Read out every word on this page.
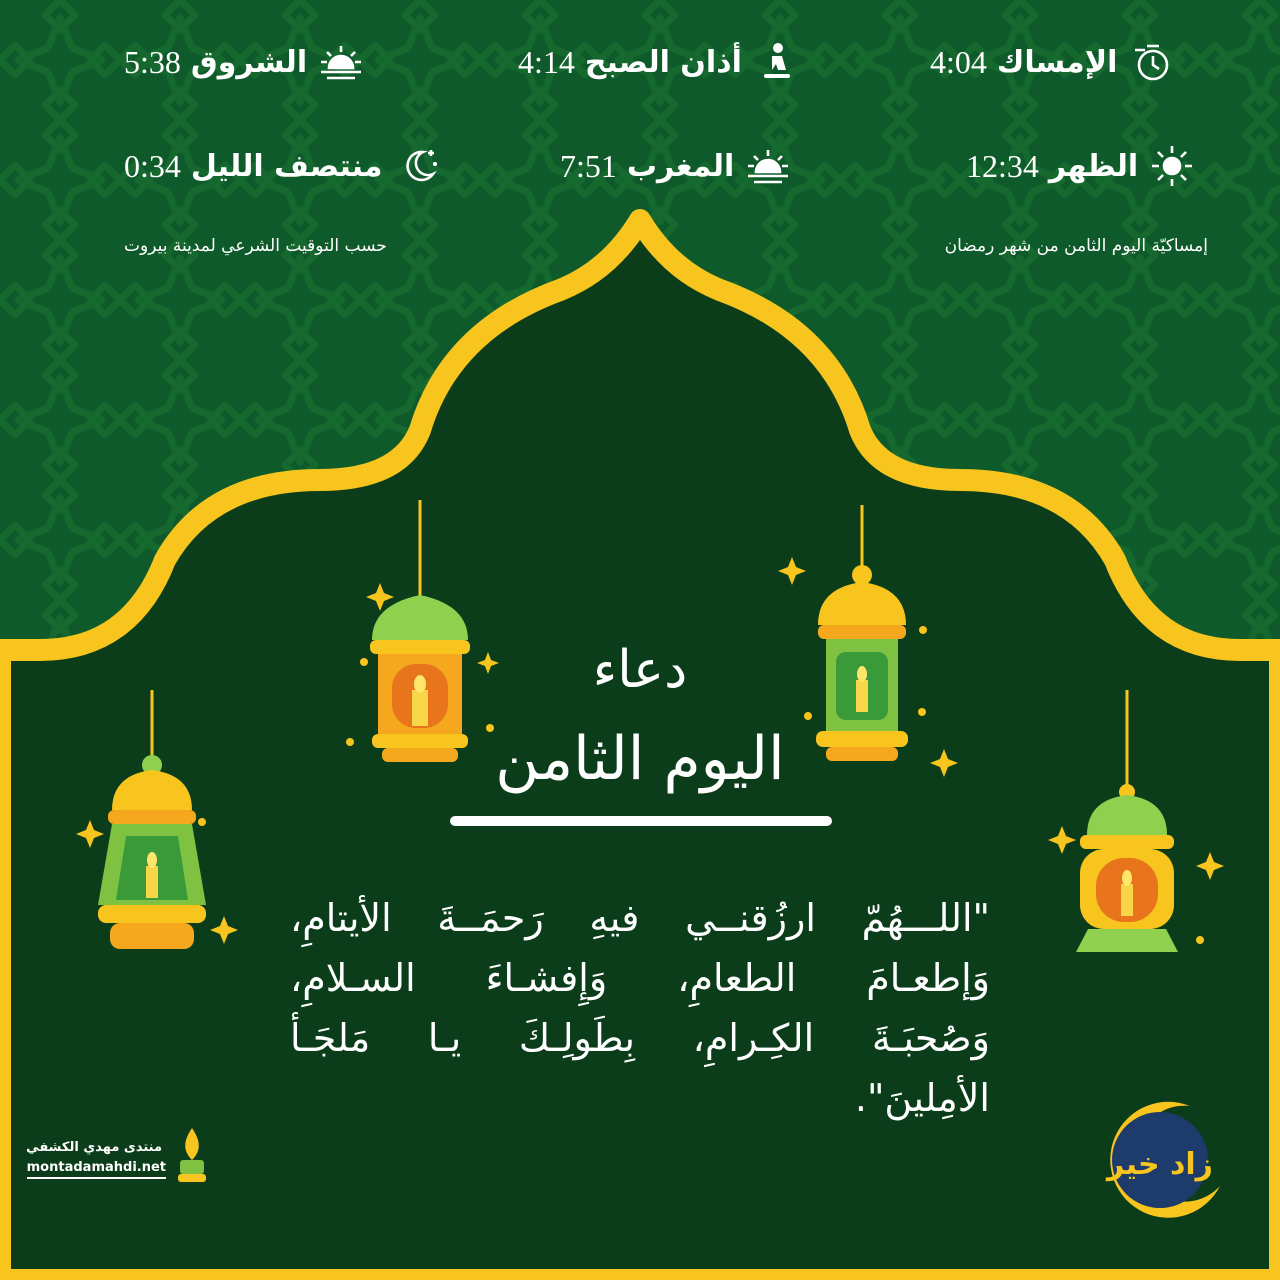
الإمساك
4:04
أذان الصبح
4:14
الشروق
5:38
الظهر
12:34
المغرب
7:51
منتصف الليل
0:34
إمساكيّة اليوم الثامن من شهر رمضان
حسب التوقيت الشرعي لمدينة بيروت
دعاء
اليوم الثامن
"اللـــهُمّ ارزُقنــي فيهِ رَحمَــةَ الأيتامِ،
وَإطعـامَ الطعامِ، وَإِفشـاءَ السـلامِ،
وَصُحبَـةَ الكِـرامِ، بِطَولِـكَ يـا مَلجَـأ
الأمِلينَ".
منتدى مهدي الكشفي
montadamahdi.net	زاد خير
